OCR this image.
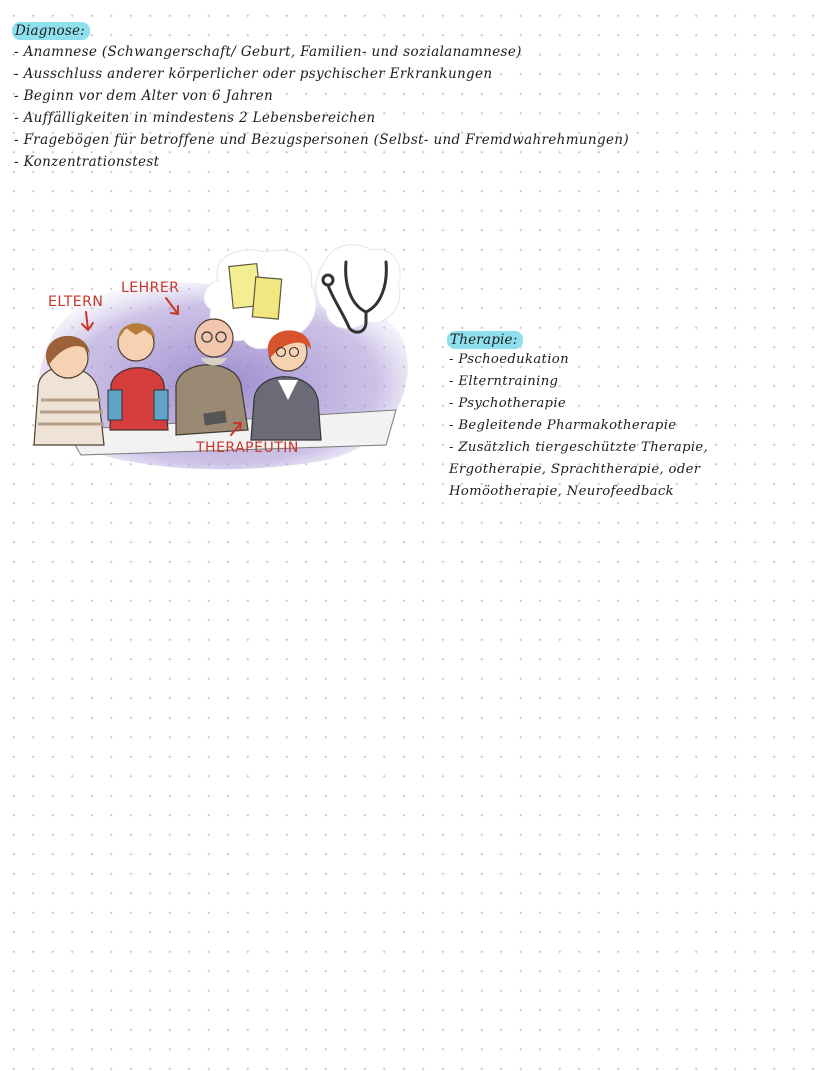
Diagnose:
- Anamnese (Schwangerschaft/ Geburt, Familien- und sozialanamnese)
- Ausschluss anderer körperlicher oder psychischer Erkrankungen
- Beginn vor dem Alter von 6 Jahren
- Auffälligkeiten in mindestens 2 Lebensbereichen
- Fragebögen für betroffene und Bezugspersonen (Selbst- und Fremdwahrehmungen)
- Konzentrationstest
ELTERN
LEHRER
THERAPEUTIN
Therapie:
- Pschoedukation
- Elterntraining
- Psychotherapie
- Begleitende Pharmakotherapie
- Zusätzlich tiergeschützte Therapie,
Ergotherapie, Sprachtherapie, oder
Homöotherapie, Neurofeedback
